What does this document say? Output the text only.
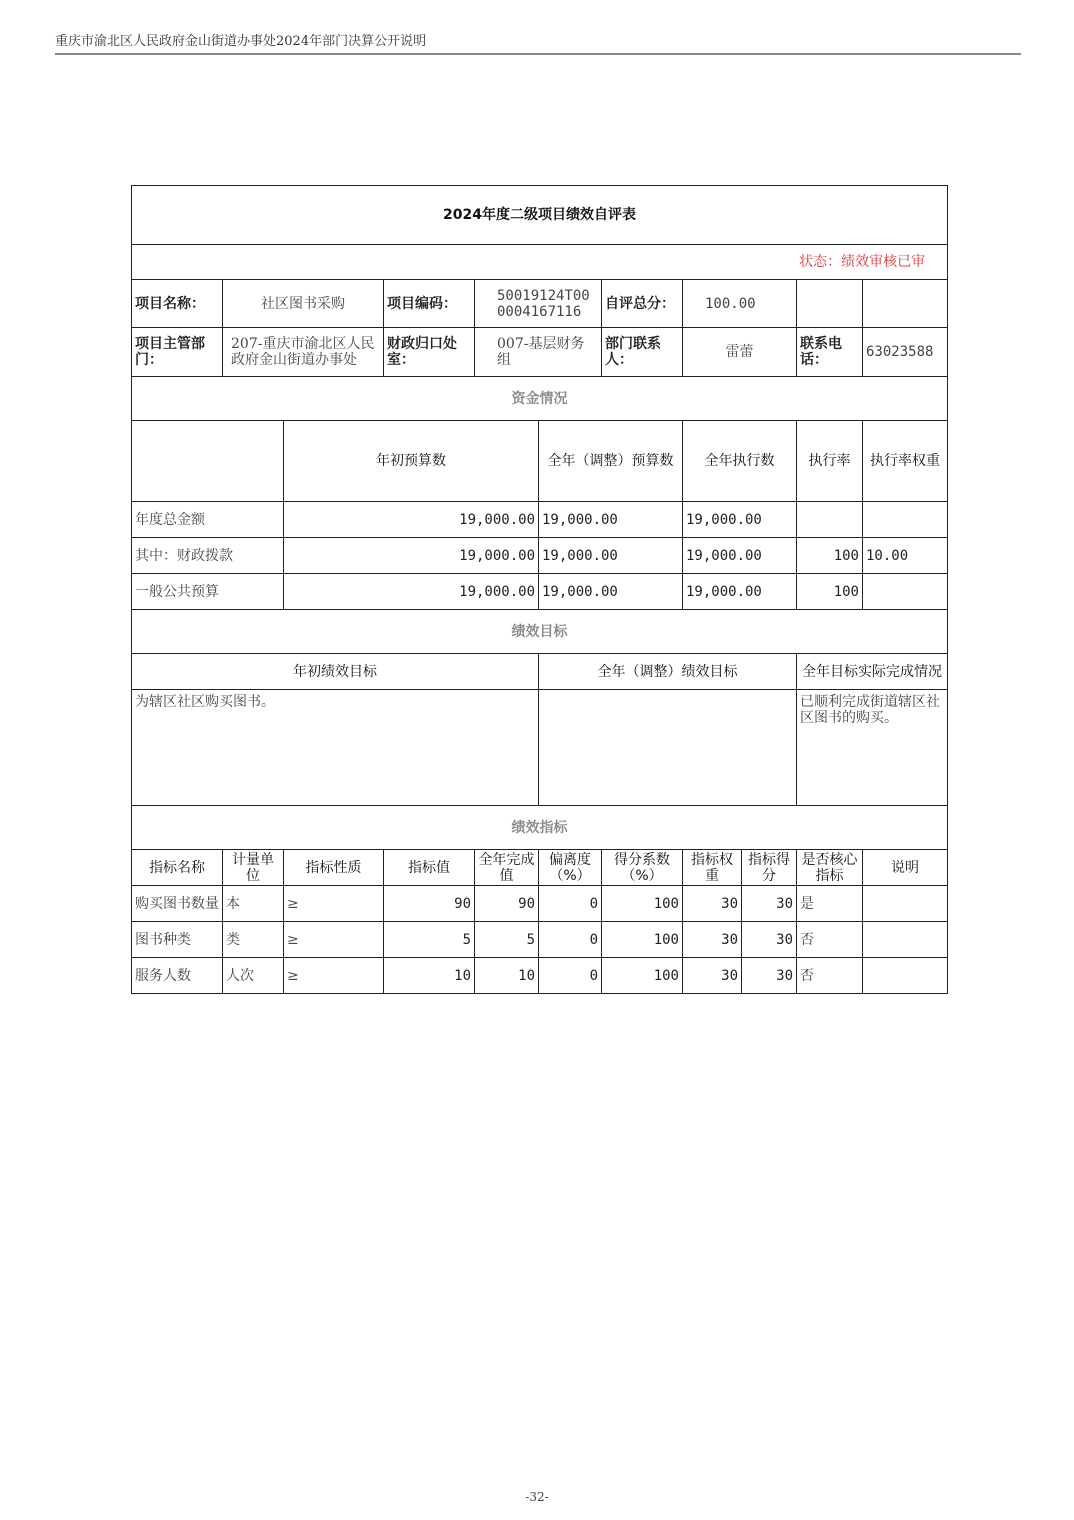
重庆市渝北区人民政府金山街道办事处2024年部门决算公开说明
2024年度二级项目绩效自评表											
状态：绩效审核已审											
项目名称：	社区图书采购		项目编码：	50019124T000004167116		自评总分：	100.00				
项目主管部门：	207-重庆市渝北区人民政府金山街道办事处		财政归口处室：	007-基层财务组		部门联系人：	雷蕾		联系电话：	63023588	
资金情况											
		年初预算数			全年（调整）预算数		全年执行数		执行率	执行率权重	
年度总金额		19,000.00			19,000.00		19,000.00				

其中：财政拨款		19,000.00			19,000.00		19,000.00		100	10.00	

一般公共预算		19,000.00			19,000.00		19,000.00		100		
绩效目标											
年初绩效目标					全年（调整）绩效目标				全年目标实际完成情况		
为辖区社区购买图书。									已顺利完成街道辖区社区图书的购买。		
绩效指标											

指标名称	计量单位	指标性质	指标值	全年完成值	偏离度（%）	得分系数（%）	指标权重	指标得分	是否核心指标	说明	

购买图书数量	本	≥	90	90	0	100	30	30	是		
图书种类	类	≥	5	5	0	100	30	30	否		
服务人数	人次	≥	10	10	0	100	30	30	否		
-32-
